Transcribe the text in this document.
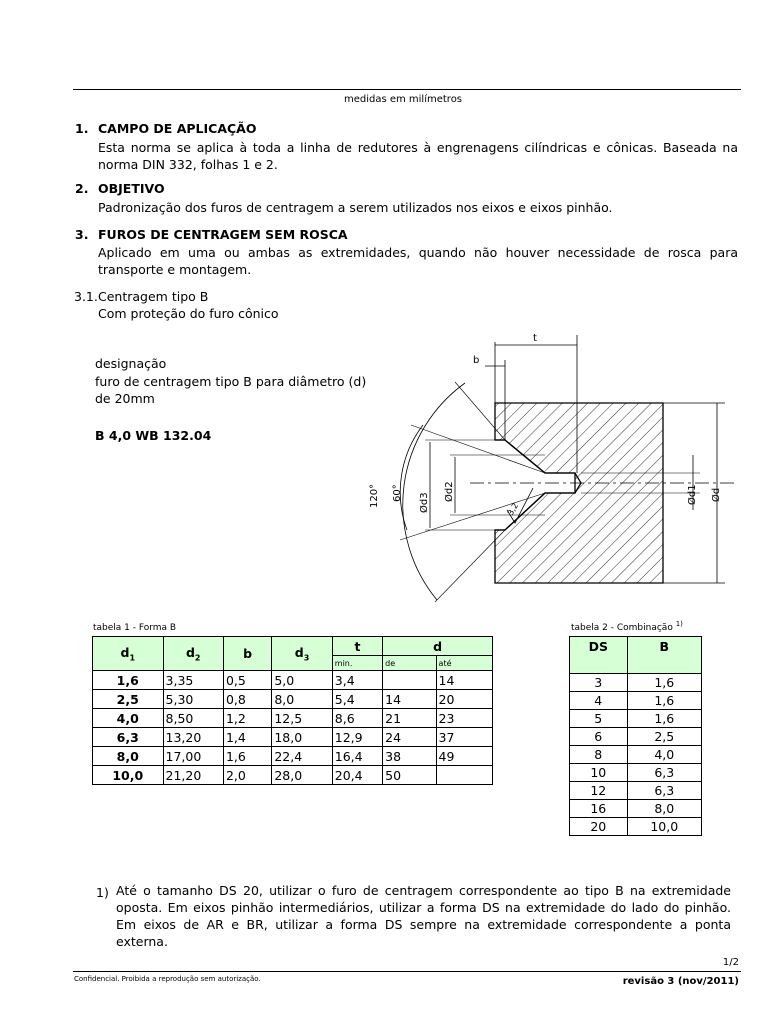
medidas em milímetros
1. CAMPO DE APLICAÇÃO
Esta norma se aplica à toda a linha de redutores à engrenagens cilíndricas e cônicas. Baseada na norma DIN 332, folhas 1 e 2.
2. OBJETIVO
Padronização dos furos de centragem a serem utilizados nos eixos e eixos pinhão.
3. FUROS DE CENTRAGEM SEM ROSCA
Aplicado em uma ou ambas as extremidades, quando não houver necessidade de rosca para transporte e montagem.
3.1. Centragem tipo B
Com proteção do furo cônico
designação
furo de centragem tipo B para diâmetro (d)
de 20mm
B 4,0 WB 132.04
t
b
Ød1 Ød
Ød3
Ød2
120° 60°
3,2
tabela 1 - Forma B
$d_1$	$d_2$	b	$d_3$	t	d	
				min.	de	até
1,6	3,35	0,5	5,0	3,4		14
2,5	5,30	0,8	8,0	5,4	14	20
4,0	8,50	1,2	12,5	8,6	21	23
6,3	13,20	1,4	18,0	12,9	24	37
8,0	17,00	1,6	22,4	16,4	38	49
10,0	21,20	2,0	28,0	20,4	50	
tabela 2 - Combinação $^{1)}$
DS	B
3	1,6
4	1,6
5	1,6
6	2,5
8	4,0
10	6,3
12	6,3
16	8,0
20	10,0
1) Até o tamanho DS 20, utilizar o furo de centragem correspondente ao tipo B na extremidade oposta. Em eixos pinhão intermediários, utilizar a forma DS na extremidade do lado do pinhão. Em eixos de AR e BR, utilizar a forma DS sempre na extremidade correspondente a ponta externa.
1/2
Confidencial. Proibida a reprodução sem autorização.	revisão 3 (nov/2011)
